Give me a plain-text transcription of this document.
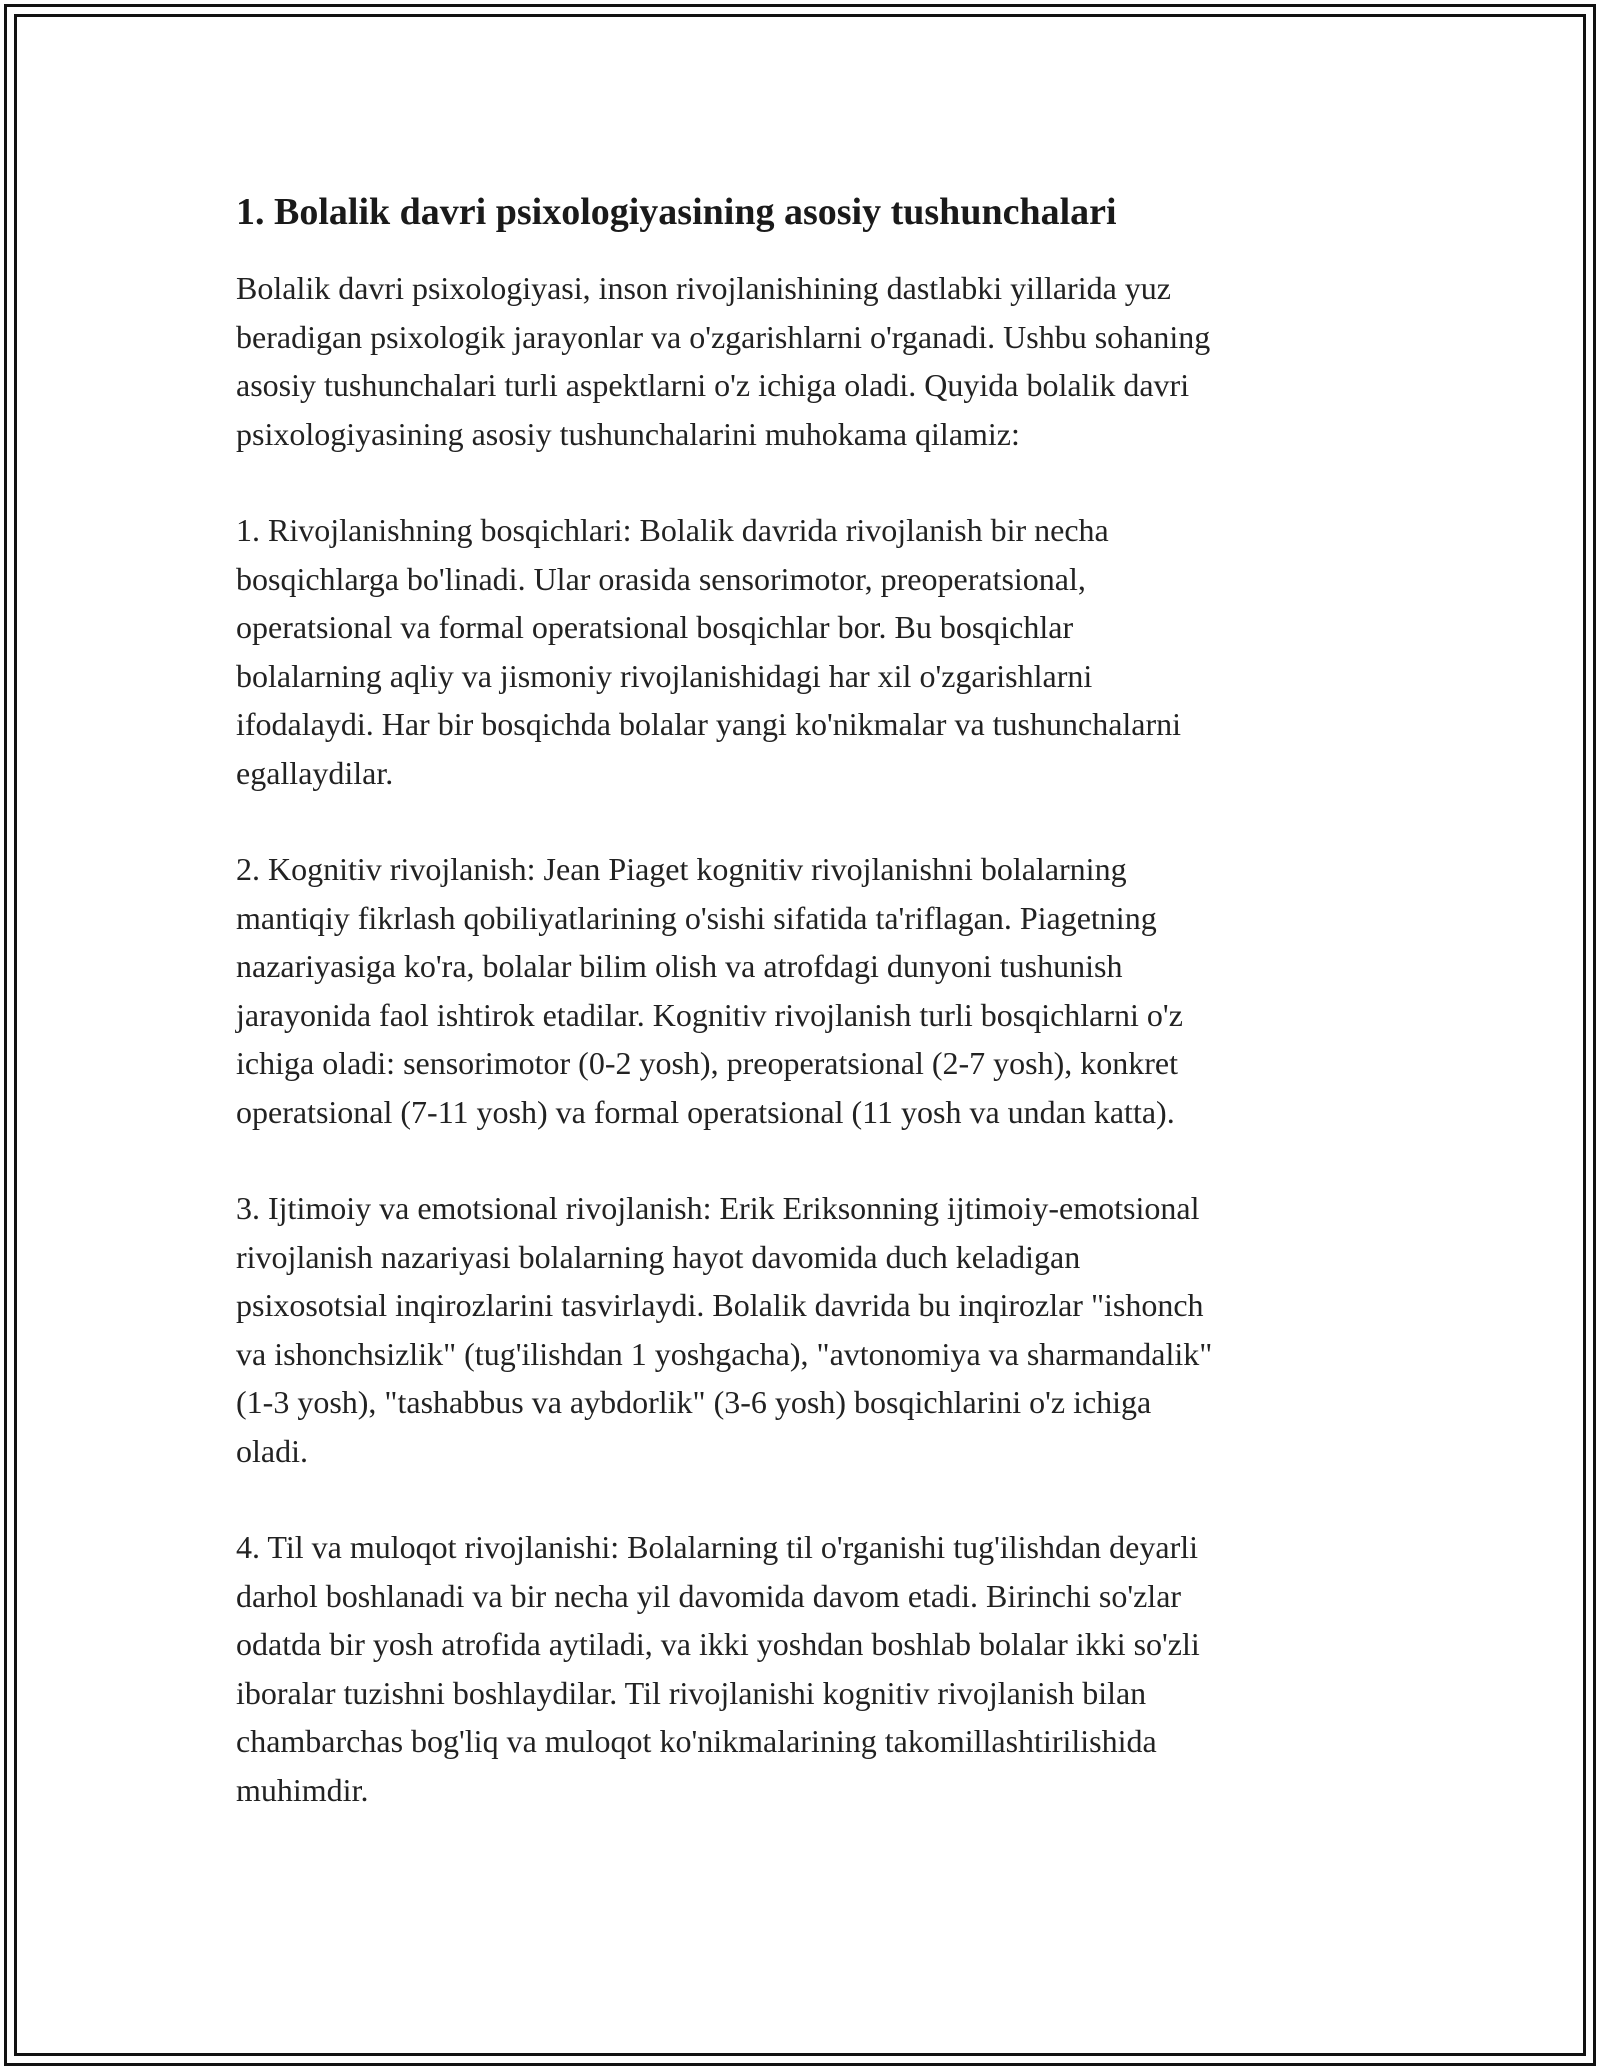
1. Bolalik davri psixologiyasining asosiy tushunchalari

Bolalik davri psixologiyasi, inson rivojlanishining dastlabki yillarida yuz
beradigan psixologik jarayonlar va o'zgarishlarni o'rganadi. Ushbu sohaning
asosiy tushunchalari turli aspektlarni o'z ichiga oladi. Quyida bolalik davri
psixologiyasining asosiy tushunchalarini muhokama qilamiz:

1. Rivojlanishning bosqichlari: Bolalik davrida rivojlanish bir necha
bosqichlarga bo'linadi. Ular orasida sensorimotor, preoperatsional,
operatsional va formal operatsional bosqichlar bor. Bu bosqichlar
bolalarning aqliy va jismoniy rivojlanishidagi har xil o'zgarishlarni
ifodalaydi. Har bir bosqichda bolalar yangi ko'nikmalar va tushunchalarni
egallaydilar.

2. Kognitiv rivojlanish: Jean Piaget kognitiv rivojlanishni bolalarning
mantiqiy fikrlash qobiliyatlarining o'sishi sifatida ta'riflagan. Piagetning
nazariyasiga ko'ra, bolalar bilim olish va atrofdagi dunyoni tushunish
jarayonida faol ishtirok etadilar. Kognitiv rivojlanish turli bosqichlarni o'z
ichiga oladi: sensorimotor (0-2 yosh), preoperatsional (2-7 yosh), konkret
operatsional (7-11 yosh) va formal operatsional (11 yosh va undan katta).

3. Ijtimoiy va emotsional rivojlanish: Erik Eriksonning ijtimoiy-emotsional
rivojlanish nazariyasi bolalarning hayot davomida duch keladigan
psixosotsial inqirozlarini tasvirlaydi. Bolalik davrida bu inqirozlar "ishonch
va ishonchsizlik" (tug'ilishdan 1 yoshgacha), "avtonomiya va sharmandalik"
(1-3 yosh), "tashabbus va aybdorlik" (3-6 yosh) bosqichlarini o'z ichiga
oladi.

4. Til va muloqot rivojlanishi: Bolalarning til o'rganishi tug'ilishdan deyarli
darhol boshlanadi va bir necha yil davomida davom etadi. Birinchi so'zlar
odatda bir yosh atrofida aytiladi, va ikki yoshdan boshlab bolalar ikki so'zli
iboralar tuzishni boshlaydilar. Til rivojlanishi kognitiv rivojlanish bilan
chambarchas bog'liq va muloqot ko'nikmalarining takomillashtirilishida
muhimdir.
